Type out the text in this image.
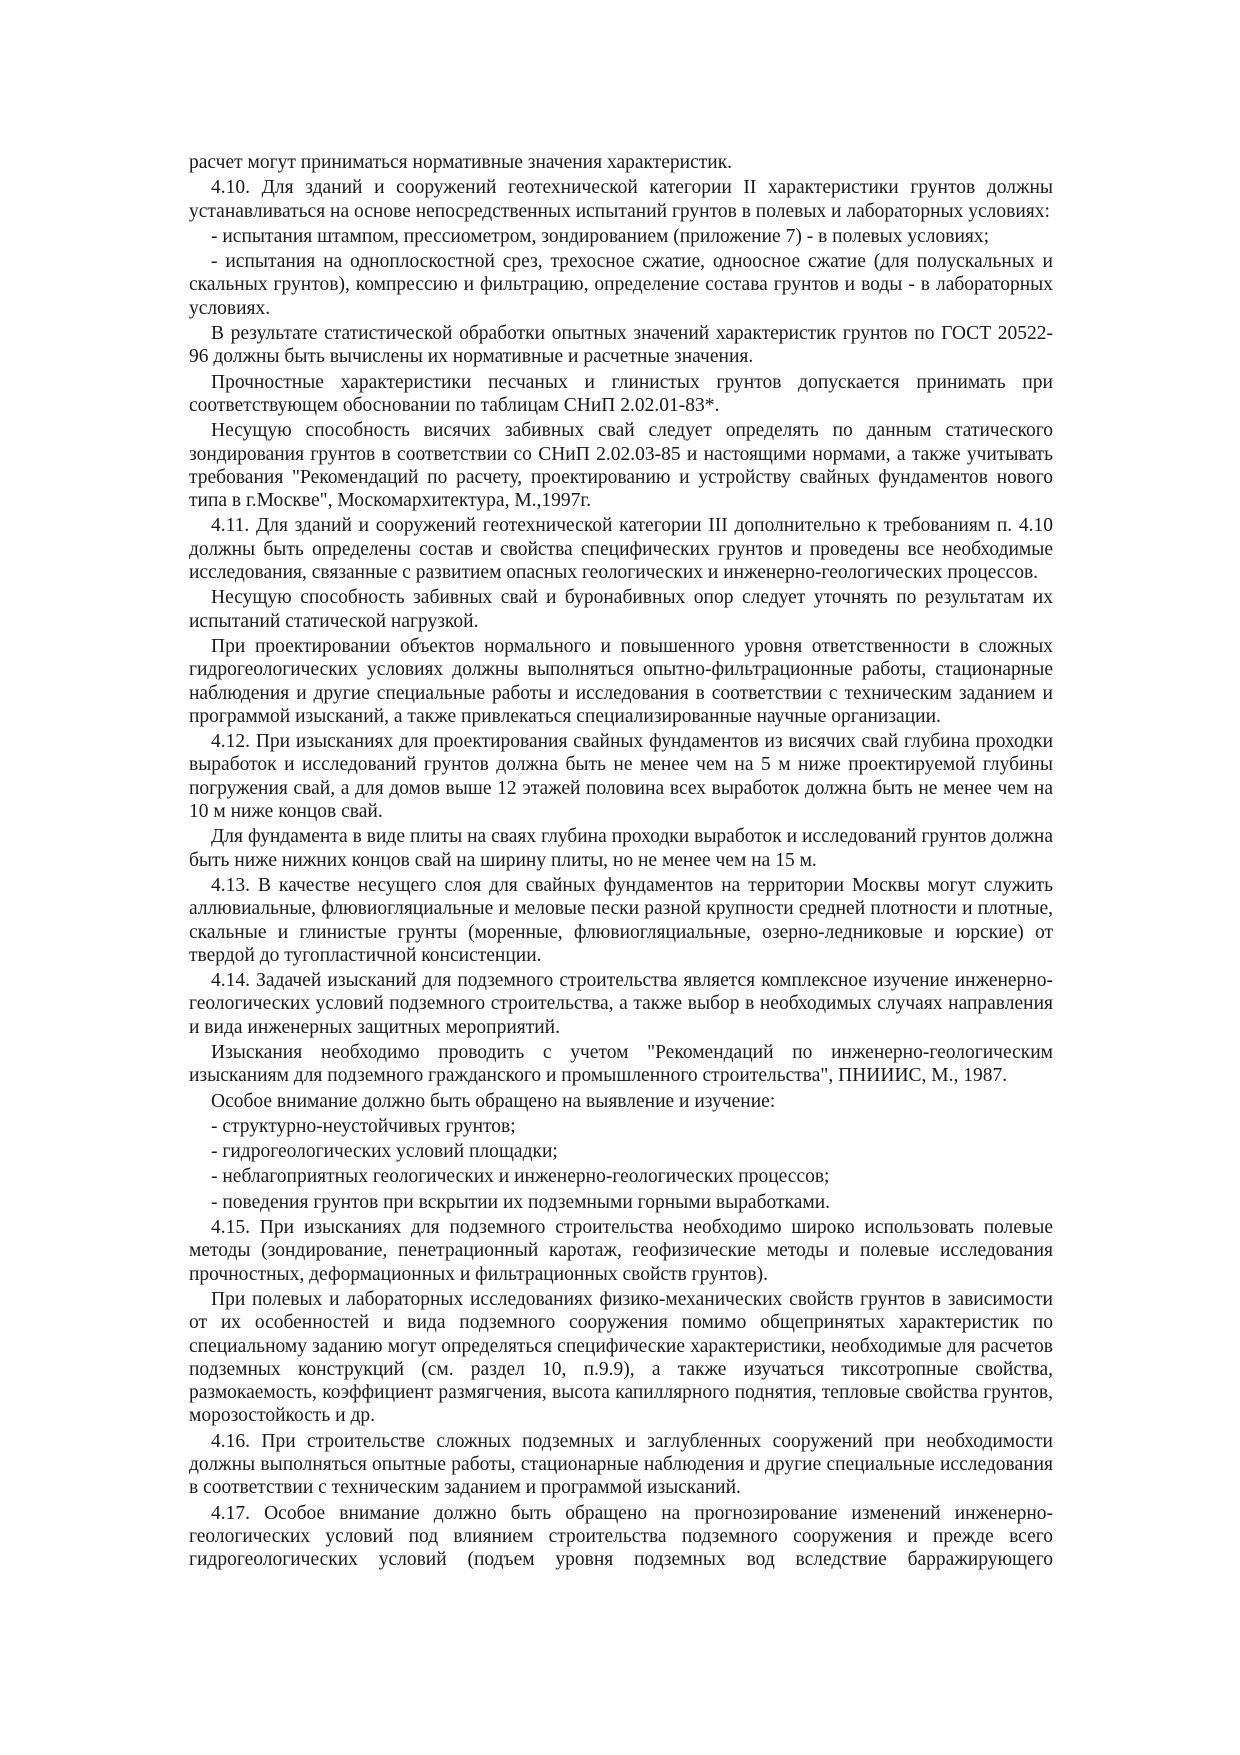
расчет могут приниматься нормативные значения характеристик.

4.10. Для зданий и сооружений геотехнической категории II характеристики грунтов должны устанавливаться на основе непосредственных испытаний грунтов в полевых и лабораторных условиях:

- испытания штампом, прессиометром, зондированием (приложение 7) - в полевых условиях;

- испытания на одноплоскостной срез, трехосное сжатие, одноосное сжатие (для полускальных и скальных грунтов), компрессию и фильтрацию, определение состава грунтов и воды - в лабораторных условиях.

В результате статистической обработки опытных значений характеристик грунтов по ГОСТ 20522-96 должны быть вычислены их нормативные и расчетные значения.

Прочностные характеристики песчаных и глинистых грунтов допускается принимать при соответствующем обосновании по таблицам СНиП 2.02.01-83*.

Несущую способность висячих забивных свай следует определять по данным статического зондирования грунтов в соответствии со СНиП 2.02.03-85 и настоящими нормами, а также учитывать требования "Рекомендаций по расчету, проектированию и устройству свайных фундаментов нового типа в г.Москве", Москомархитектура, М.,1997г.

4.11. Для зданий и сооружений геотехнической категории III дополнительно к требованиям п. 4.10 должны быть определены состав и свойства специфических грунтов и проведены все необходимые исследования, связанные с развитием опасных геологических и инженерно-геологических процессов.

Несущую способность забивных свай и буронабивных опор следует уточнять по результатам их испытаний статической нагрузкой.

При проектировании объектов нормального и повышенного уровня ответственности в сложных гидрогеологических условиях должны выполняться опытно-фильтрационные работы, стационарные наблюдения и другие специальные работы и исследования в соответствии с техническим заданием и программой изысканий, а также привлекаться специализированные научные организации.

4.12. При изысканиях для проектирования свайных фундаментов из висячих свай глубина проходки выработок и исследований грунтов должна быть не менее чем на 5 м ниже проектируемой глубины погружения свай, а для домов выше 12 этажей половина всех выработок должна быть не менее чем на 10 м ниже концов свай.

Для фундамента в виде плиты на сваях глубина проходки выработок и исследований грунтов должна быть ниже нижних концов свай на ширину плиты, но не менее чем на 15 м.

4.13. В качестве несущего слоя для свайных фундаментов на территории Москвы могут служить аллювиальные, флювиогляциальные и меловые пески разной крупности средней плотности и плотные, скальные и глинистые грунты (моренные, флювиогляциальные, озерно-ледниковые и юрские) от твердой до тугопластичной консистенции.

4.14. Задачей изысканий для подземного строительства является комплексное изучение инженерно-геологических условий подземного строительства, а также выбор в необходимых случаях направления и вида инженерных защитных мероприятий.

Изыскания необходимо проводить с учетом "Рекомендаций по инженерно-геологическим изысканиям для подземного гражданского и промышленного строительства", ПНИИИС, М., 1987.

Особое внимание должно быть обращено на выявление и изучение:

- структурно-неустойчивых грунтов;

- гидрогеологических условий площадки;

- неблагоприятных геологических и инженерно-геологических процессов;

- поведения грунтов при вскрытии их подземными горными выработками.

4.15. При изысканиях для подземного строительства необходимо широко использовать полевые методы (зондирование, пенетрационный каротаж, геофизические методы и полевые исследования прочностных, деформационных и фильтрационных свойств грунтов).

При полевых и лабораторных исследованиях физико-механических свойств грунтов в зависимости от их особенностей и вида подземного сооружения помимо общепринятых характеристик по специальному заданию могут определяться специфические характеристики, необходимые для расчетов подземных конструкций (см. раздел 10, п.9.9), а также изучаться тиксотропные свойства, размокаемость, коэффициент размягчения, высота капиллярного поднятия, тепловые свойства грунтов, морозостойкость и др.

4.16. При строительстве сложных подземных и заглубленных сооружений при необходимости должны выполняться опытные работы, стационарные наблюдения и другие специальные исследования в соответствии с техническим заданием и программой изысканий.

4.17. Особое внимание должно быть обращено на прогнозирование изменений инженерно-геологических условий под влиянием строительства подземного сооружения и прежде всего гидрогеологических условий (подъем уровня подземных вод вследствие барражирующего
